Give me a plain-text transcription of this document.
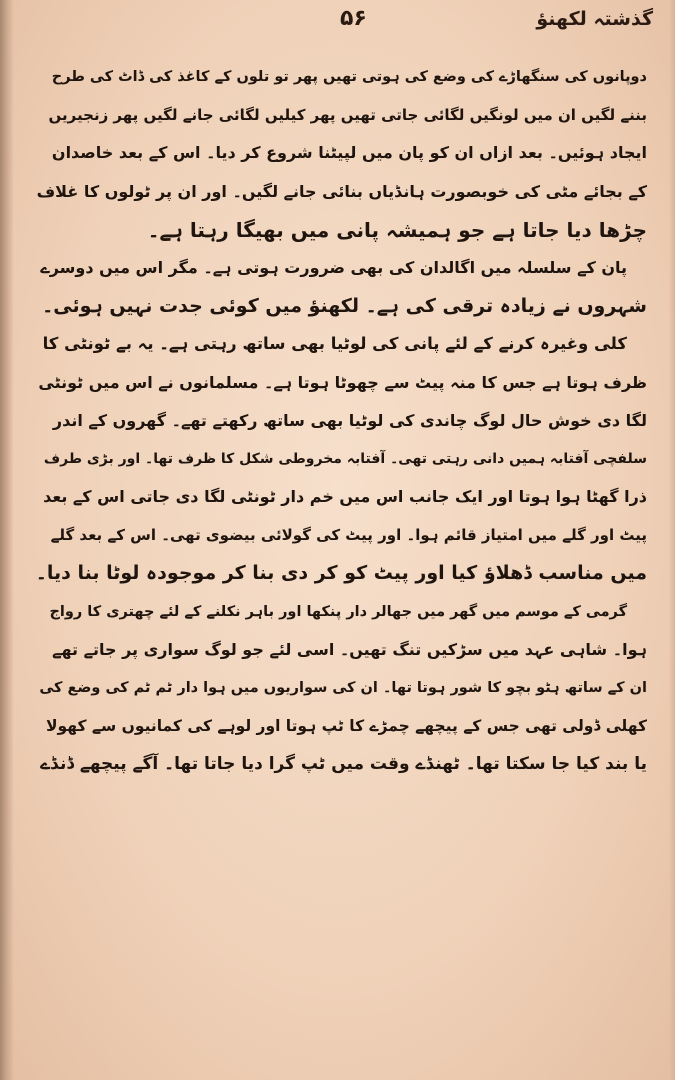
گذشتہ لکھنؤ
۵۶
دوپانوں کی سنگھاڑے کی وضع کی ہوتی تھیں پھر تو تلوں کے کاغذ کی ڈاٹ کی طرح
بننے لگیں ان میں لونگیں لگائی جاتی تھیں پھر کیلیں لگائی جانے لگیں پھر زنجیریں
ایجاد ہوئیں۔ بعد ازاں ان کو پان میں لپیٹنا شروع کر دیا۔ اس کے بعد خاصدان
کے بجائے مٹی کی خوبصورت ہانڈیاں بنائی جانے لگیں۔ اور ان پر ٹولوں کا غلاف
چڑھا دیا جاتا ہے جو ہمیشہ پانی میں بھیگا رہتا ہے۔
پان کے سلسلہ میں اگالدان کی بھی ضرورت ہوتی ہے۔ مگر اس میں دوسرے
شہروں نے زیادہ ترقی کی ہے۔ لکھنؤ میں کوئی جدت نہیں ہوئی۔
کلی وغیرہ کرنے کے لئے پانی کی لوٹیا بھی ساتھ رہتی ہے۔ یہ بے ٹونٹی کا
ظرف ہوتا ہے جس کا منہ پیٹ سے چھوٹا ہوتا ہے۔ مسلمانوں نے اس میں ٹونٹی
لگا دی خوش حال لوگ چاندی کی لوٹیا بھی ساتھ رکھتے تھے۔ گھروں کے اندر
سلفچی آفتابہ ہمیں دانی رہتی تھی۔ آفتابہ مخروطی شکل کا ظرف تھا۔ اور بڑی طرف
ذرا گھٹا ہوا ہوتا اور ایک جانب اس میں خم دار ٹونٹی لگا دی جاتی اس کے بعد
پیٹ اور گلے میں امتیاز قائم ہوا۔ اور پیٹ کی گولائی بیضوی تھی۔ اس کے بعد گلے
میں مناسب ڈھلاؤ کیا اور پیٹ کو کر دی بنا کر موجودہ لوٹا بنا دیا۔
گرمی کے موسم میں گھر میں جھالر دار پنکھا اور باہر نکلنے کے لئے چھتری کا رواج
ہوا۔ شاہی عہد میں سڑکیں تنگ تھیں۔ اسی لئے جو لوگ سواری پر جاتے تھے
ان کے ساتھ ہٹو بچو کا شور ہوتا تھا۔ ان کی سواریوں میں ہوا دار ٹم ٹم کی وضع کی
کھلی ڈولی تھی جس کے پیچھے چمڑے کا ٹپ ہوتا اور لوہے کی کمانیوں سے کھولا
یا بند کیا جا سکتا تھا۔ ٹھنڈے وقت میں ٹپ گرا دیا جاتا تھا۔ آگے پیچھے ڈنڈے
